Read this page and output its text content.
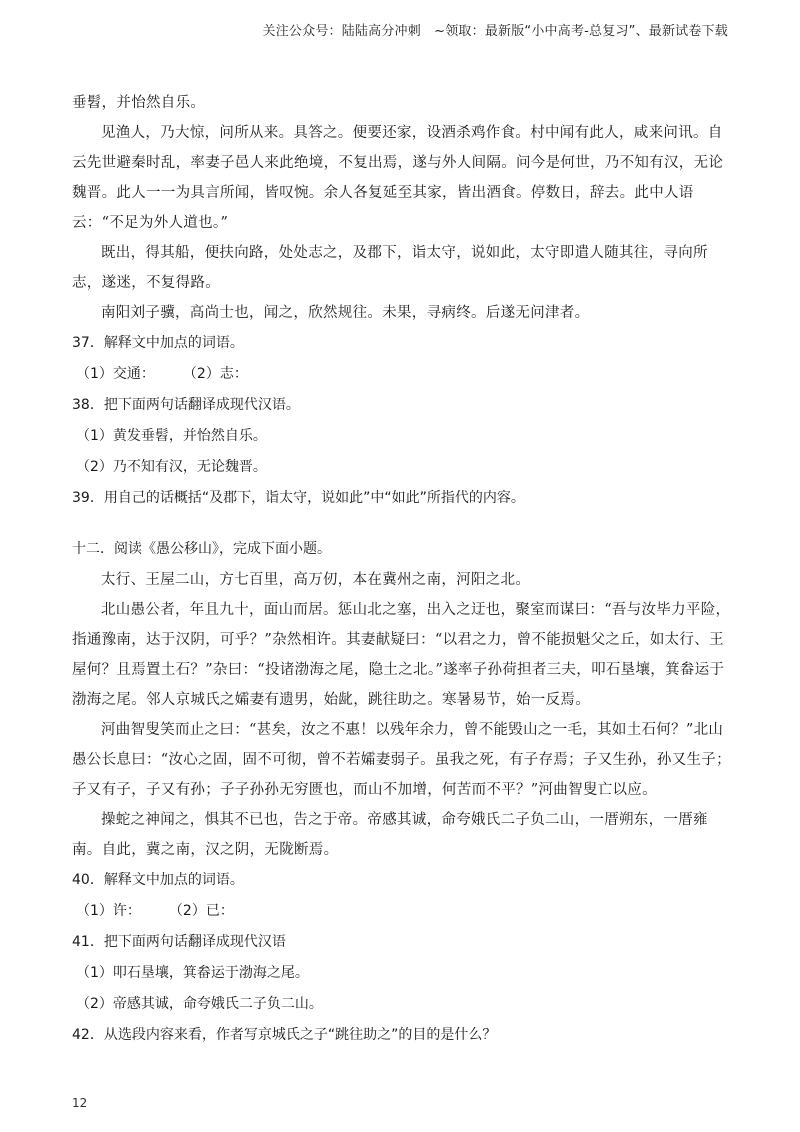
关注公众号：陆陆高分冲刺　~领取：最新版“小中高考-总复习”、最新试卷下载

垂髫，并怡然自乐。

见渔人，乃大惊，问所从来。具答之。便要还家，设酒杀鸡作食。村中闻有此人，咸来问讯。自云先世避秦时乱，率妻子邑人来此绝境，不复出焉，遂与外人间隔。问今是何世，乃不知有汉，无论魏晋。此人一一为具言所闻，皆叹惋。余人各复延至其家，皆出酒食。停数日，辞去。此中人语云：“不足为外人道也。”

既出，得其船，便扶向路，处处志之，及郡下，诣太守，说如此，太守即遣人随其往，寻向所志，遂迷，不复得路。

南阳刘子骥，高尚士也，闻之，欣然规往。未果，寻病终。后遂无问津者。

37．解释文中加点的词语。

（1）交通： （2）志：

38．把下面两句话翻译成现代汉语。

（1）黄发垂髫，并怡然自乐。

（2）乃不知有汉，无论魏晋。

39．用自己的话概括“及郡下，诣太守，说如此”中“如此”所指代的内容。

十二．阅读《愚公移山》，完成下面小题。

太行、王屋二山，方七百里，高万仞，本在冀州之南，河阳之北。

北山愚公者，年且九十，面山而居。惩山北之塞，出入之迂也，聚室而谋曰：“吾与汝毕力平险，指通豫南，达于汉阴，可乎？”杂然相许。其妻献疑曰：“以君之力，曾不能损魁父之丘，如太行、王屋何？且焉置土石？”杂曰：“投诸渤海之尾，隐土之北。”遂率子孙荷担者三夫，叩石垦壤，箕畚运于渤海之尾。邻人京城氏之孀妻有遗男，始龀，跳往助之。寒暑易节，始一反焉。

河曲智叟笑而止之曰：“甚矣，汝之不惠！以残年余力，曾不能毁山之一毛，其如土石何？”北山愚公长息曰：“汝心之固，固不可彻，曾不若孀妻弱子。虽我之死，有子存焉；子又生孙，孙又生子；子又有子，子又有孙；子子孙孙无穷匮也，而山不加增，何苦而不平？”河曲智叟亡以应。

操蛇之神闻之，惧其不已也，告之于帝。帝感其诚，命夸娥氏二子负二山，一厝朔东，一厝雍南。自此，冀之南，汉之阴，无陇断焉。

40．解释文中加点的词语。

（1）许： （2）已：

41．把下面两句话翻译成现代汉语

（1）叩石垦壤，箕畚运于渤海之尾。

（2）帝感其诚，命夸娥氏二子负二山。

42．从选段内容来看，作者写京城氏之子“跳往助之”的目的是什么？

12
